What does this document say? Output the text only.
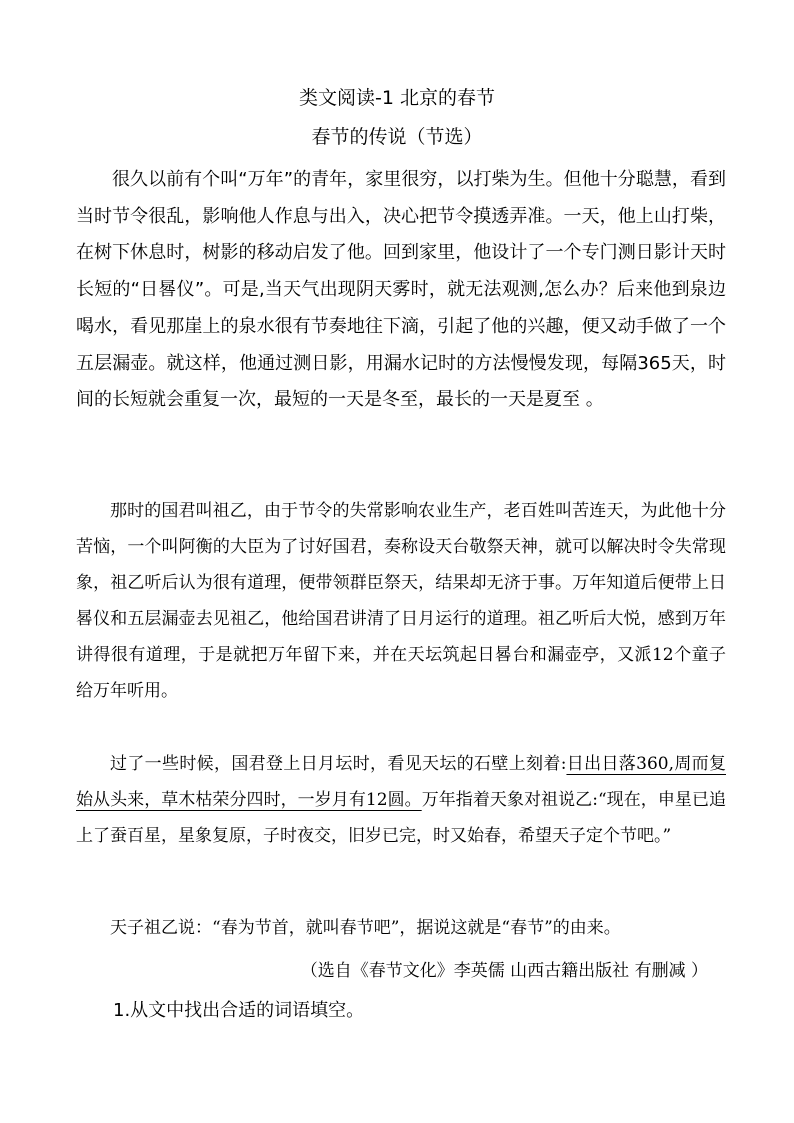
类文阅读-1 北京的春节
春节的传说（节选）

很久以前有个叫“万年”的青年，家里很穷，以打柴为生。但他十分聪慧，看到当时节令很乱，影响他人作息与出入，决心把节令摸透弄准。一天，他上山打柴，在树下休息时，树影的移动启发了他。回到家里，他设计了一个专门测日影计天时长短的“日晷仪”。可是,当天气出现阴天雾时，就无法观测,怎么办？后来他到泉边喝水，看见那崖上的泉水很有节奏地往下滴，引起了他的兴趣，便又动手做了一个五层漏壶。就这样，他通过测日影，用漏水记时的方法慢慢发现，每隔365天，时间的长短就会重复一次，最短的一天是冬至，最长的一天是夏至 。

那时的国君叫祖乙，由于节令的失常影响农业生产，老百姓叫苦连天，为此他十分苦恼，一个叫阿衡的大臣为了讨好国君，奏称设天台敬祭天神，就可以解决时令失常现象，祖乙听后认为很有道理，便带领群臣祭天，结果却无济于事。万年知道后便带上日晷仪和五层漏壶去见祖乙，他给国君讲清了日月运行的道理。祖乙听后大悦，感到万年讲得很有道理，于是就把万年留下来，并在天坛筑起日晷台和漏壶亭，又派12个童子给万年听用。

过了一些时候，国君登上日月坛时，看见天坛的石壁上刻着:日出日落360,周而复始从头来，草木枯荣分四时，一岁月有12圆。万年指着天象对祖说乙:“现在，申星已追上了蚕百星，星象复原，子时夜交，旧岁已完，时又始春，希望天子定个节吧。”

天子祖乙说：“春为节首，就叫春节吧”，据说这就是“春节”的由来。

（选自《春节文化》李英儒 山西古籍出版社 有删减 ）
1.从文中找出合适的词语填空。
